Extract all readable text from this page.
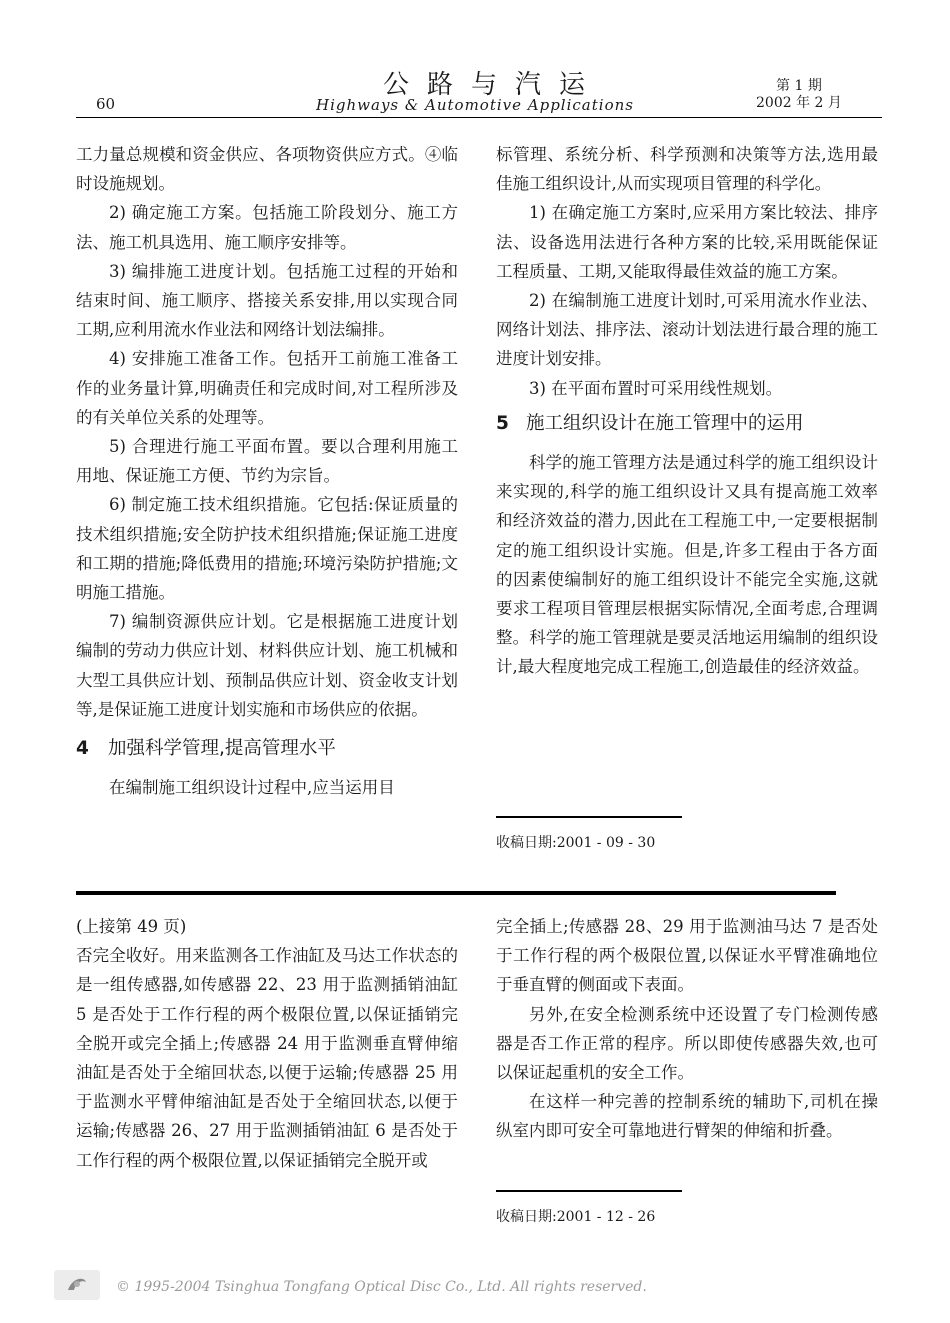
60
公路与汽运
Highways & Automotive Applications
第 1 期
2002 年 2 月

工力量总规模和资金供应、各项物资供应方式。④临时设施规划。

2) 确定施工方案。包括施工阶段划分、施工方法、施工机具选用、施工顺序安排等。

3) 编排施工进度计划。包括施工过程的开始和结束时间、施工顺序、搭接关系安排,用以实现合同工期,应利用流水作业法和网络计划法编排。

4) 安排施工准备工作。包括开工前施工准备工作的业务量计算,明确责任和完成时间,对工程所涉及的有关单位关系的处理等。

5) 合理进行施工平面布置。要以合理利用施工用地、保证施工方便、节约为宗旨。

6) 制定施工技术组织措施。它包括:保证质量的技术组织措施;安全防护技术组织措施;保证施工进度和工期的措施;降低费用的措施;环境污染防护措施;文明施工措施。

7) 编制资源供应计划。它是根据施工进度计划编制的劳动力供应计划、材料供应计划、施工机械和大型工具供应计划、预制品供应计划、资金收支计划等,是保证施工进度计划实施和市场供应的依据。

4 加强科学管理,提高管理水平

在编制施工组织设计过程中,应当运用目

标管理、系统分析、科学预测和决策等方法,选用最佳施工组织设计,从而实现项目管理的科学化。

1) 在确定施工方案时,应采用方案比较法、排序法、设备选用法进行各种方案的比较,采用既能保证工程质量、工期,又能取得最佳效益的施工方案。

2) 在编制施工进度计划时,可采用流水作业法、网络计划法、排序法、滚动计划法进行最合理的施工进度计划安排。

3) 在平面布置时可采用线性规划。

5 施工组织设计在施工管理中的运用

科学的施工管理方法是通过科学的施工组织设计来实现的,科学的施工组织设计又具有提高施工效率和经济效益的潜力,因此在工程施工中,一定要根据制定的施工组织设计实施。但是,许多工程由于各方面的因素使编制好的施工组织设计不能完全实施,这就要求工程项目管理层根据实际情况,全面考虑,合理调整。科学的施工管理就是要灵活地运用编制的组织设计,最大程度地完成工程施工,创造最佳的经济效益。

收稿日期:2001 - 09 - 30

(上接第 49 页)

否完全收好。用来监测各工作油缸及马达工作状态的是一组传感器,如传感器 22、23 用于监测插销油缸 5 是否处于工作行程的两个极限位置,以保证插销完全脱开或完全插上;传感器 24 用于监测垂直臂伸缩油缸是否处于全缩回状态,以便于运输;传感器 25 用于监测水平臂伸缩油缸是否处于全缩回状态,以便于运输;传感器 26、27 用于监测插销油缸 6 是否处于工作行程的两个极限位置,以保证插销完全脱开或

完全插上;传感器 28、29 用于监测油马达 7 是否处于工作行程的两个极限位置,以保证水平臂准确地位于垂直臂的侧面或下表面。

另外,在安全检测系统中还设置了专门检测传感器是否工作正常的程序。所以即使传感器失效,也可以保证起重机的安全工作。

在这样一种完善的控制系统的辅助下,司机在操纵室内即可安全可靠地进行臂架的伸缩和折叠。

收稿日期:2001 - 12 - 26
© 1995-2004 Tsinghua Tongfang Optical Disc Co., Ltd. All rights reserved.
